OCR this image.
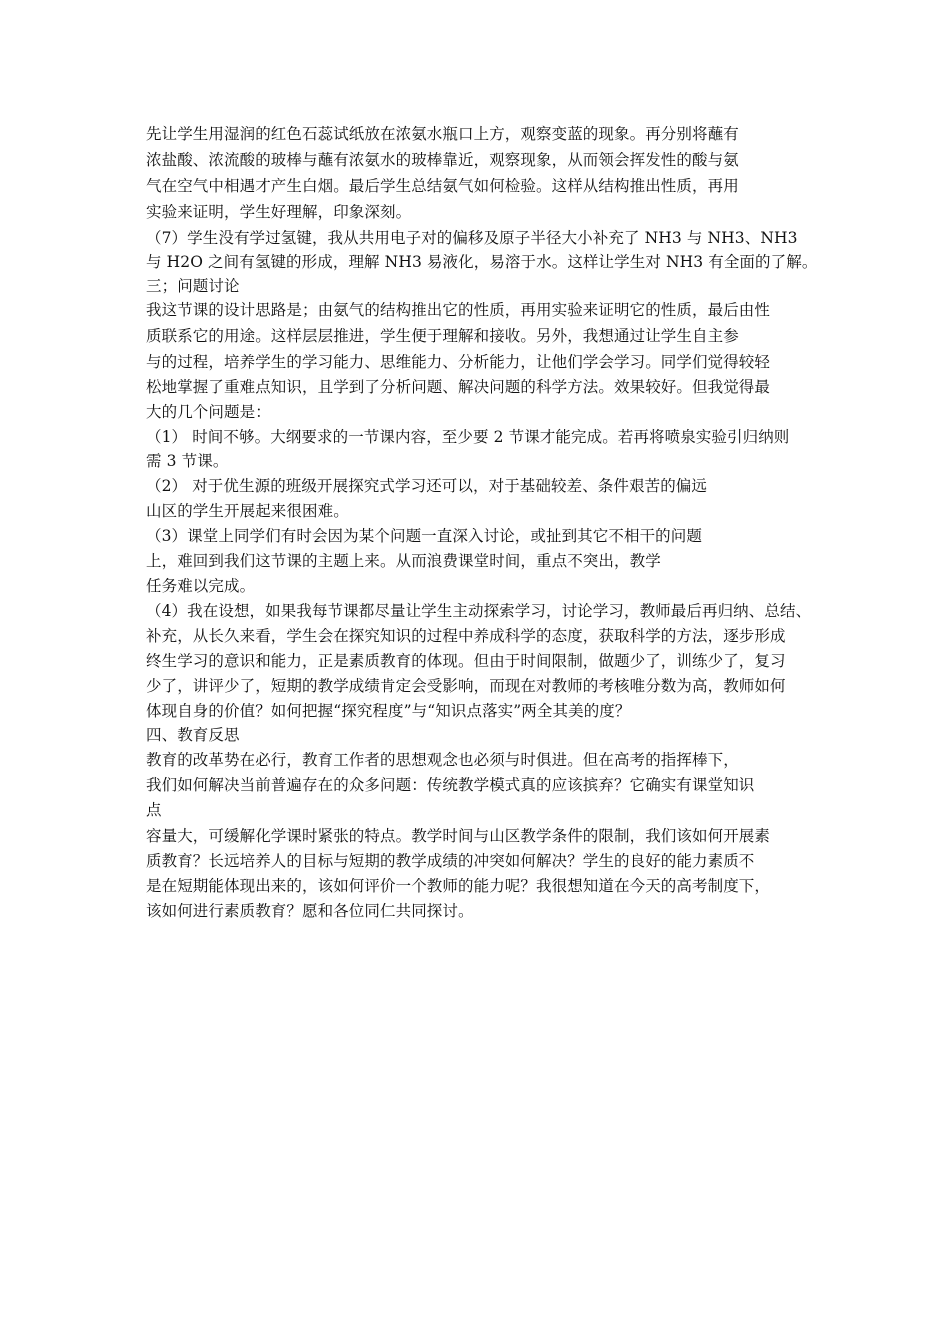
先让学生用湿润的红色石蕊试纸放在浓氨水瓶口上方，观察变蓝的现象。再分别将蘸有
浓盐酸、浓流酸的玻棒与蘸有浓氨水的玻棒靠近，观察现象，从而领会挥发性的酸与氨
气在空气中相遇才产生白烟。最后学生总结氨气如何检验。这样从结构推出性质，再用
实验来证明，学生好理解，印象深刻。
（7）学生没有学过氢键，我从共用电子对的偏移及原子半径大小补充了 NH3 与 NH3、NH3
与 H2O 之间有氢键的形成，理解 NH3 易液化，易溶于水。这样让学生对 NH3 有全面的了解。
三；问题讨论
我这节课的设计思路是；由氨气的结构推出它的性质，再用实验来证明它的性质，最后由性
质联系它的用途。这样层层推进，学生便于理解和接收。另外，我想通过让学生自主参
与的过程，培养学生的学习能力、思维能力、分析能力，让他们学会学习。同学们觉得较轻
松地掌握了重难点知识，且学到了分析问题、解决问题的科学方法。效果较好。但我觉得最
大的几个问题是：
（1） 时间不够。大纲要求的一节课内容，至少要 2 节课才能完成。若再将喷泉实验引归纳则
需 3 节课。
（2） 对于优生源的班级开展探究式学习还可以，对于基础较差、条件艰苦的偏远
山区的学生开展起来很困难。
（3）课堂上同学们有时会因为某个问题一直深入讨论，或扯到其它不相干的问题
上，难回到我们这节课的主题上来。从而浪费课堂时间，重点不突出，教学
任务难以完成。
（4）我在设想，如果我每节课都尽量让学生主动探索学习，讨论学习，教师最后再归纳、总结、
补充，从长久来看，学生会在探究知识的过程中养成科学的态度，获取科学的方法，逐步形成
终生学习的意识和能力，正是素质教育的体现。但由于时间限制，做题少了，训练少了，复习
少了，讲评少了，短期的教学成绩肯定会受影响，而现在对教师的考核唯分数为高，教师如何
体现自身的价值？如何把握“探究程度”与“知识点落实”两全其美的度？
四、教育反思
教育的改革势在必行，教育工作者的思想观念也必须与时俱进。但在高考的指挥棒下，
我们如何解决当前普遍存在的众多问题：传统教学模式真的应该摈弃？它确实有课堂知识
点
容量大，可缓解化学课时紧张的特点。教学时间与山区教学条件的限制，我们该如何开展素
质教育？长远培养人的目标与短期的教学成绩的冲突如何解决？学生的良好的能力素质不
是在短期能体现出来的，该如何评价一个教师的能力呢？我很想知道在今天的高考制度下，
该如何进行素质教育？愿和各位同仁共同探讨。
